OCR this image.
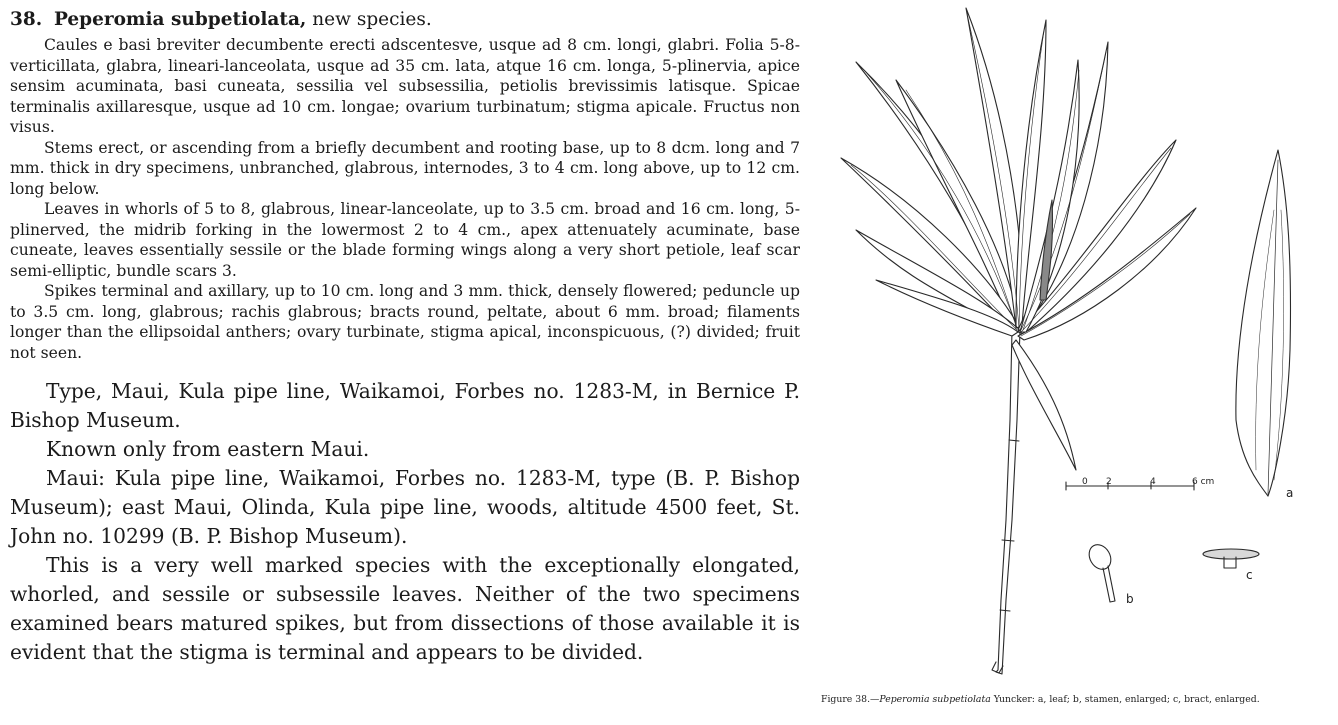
38. Peperomia subpetiolata, new species.

Caules e basi breviter decumbente erecti adscentesve, usque ad 8 cm. longi, glabri. Folia 5-8-verticillata, glabra, lineari-lanceolata, usque ad 35 cm. lata, atque 16 cm. longa, 5-plinervia, apice sensim acuminata, basi cuneata, sessilia vel subsessilia, petiolis brevissimis latisque. Spicae terminalis axillaresque, usque ad 10 cm. longae; ovarium turbinatum; stigma apicale. Fructus non visus.

Stems erect, or ascending from a briefly decumbent and rooting base, up to 8 dcm. long and 7 mm. thick in dry specimens, unbranched, glabrous, internodes, 3 to 4 cm. long above, up to 12 cm. long below.

Leaves in whorls of 5 to 8, glabrous, linear-lanceolate, up to 3.5 cm. broad and 16 cm. long, 5-plinerved, the midrib forking in the lowermost 2 to 4 cm., apex attenuately acuminate, base cuneate, leaves essentially sessile or the blade forming wings along a very short petiole, leaf scar semi-elliptic, bundle scars 3.

Spikes terminal and axillary, up to 10 cm. long and 3 mm. thick, densely flowered; peduncle up to 3.5 cm. long, glabrous; rachis glabrous; bracts round, peltate, about 6 mm. broad; filaments longer than the ellipsoidal anthers; ovary turbinate, stigma apical, inconspicuous, (?) divided; fruit not seen.

Type, Maui, Kula pipe line, Waikamoi, Forbes no. 1283-M, in Bernice P. Bishop Museum.

Known only from eastern Maui.

Maui: Kula pipe line, Waikamoi, Forbes no. 1283-M, type (B. P. Bishop Museum); east Maui, Olinda, Kula pipe line, woods, altitude 4500 feet, St. John no. 10299 (B. P. Bishop Museum).

This is a very well marked species with the exceptionally elongated, whorled, and sessile or subsessile leaves. Neither of the two specimens examined bears matured spikes, but from dissections of those available it is evident that the stigma is terminal and appears to be divided.

0 2	4	6 cm
a
b
c
Figure 38.—Peperomia subpetiolata Yuncker: a, leaf; b, stamen, enlarged; c, bract, enlarged.
